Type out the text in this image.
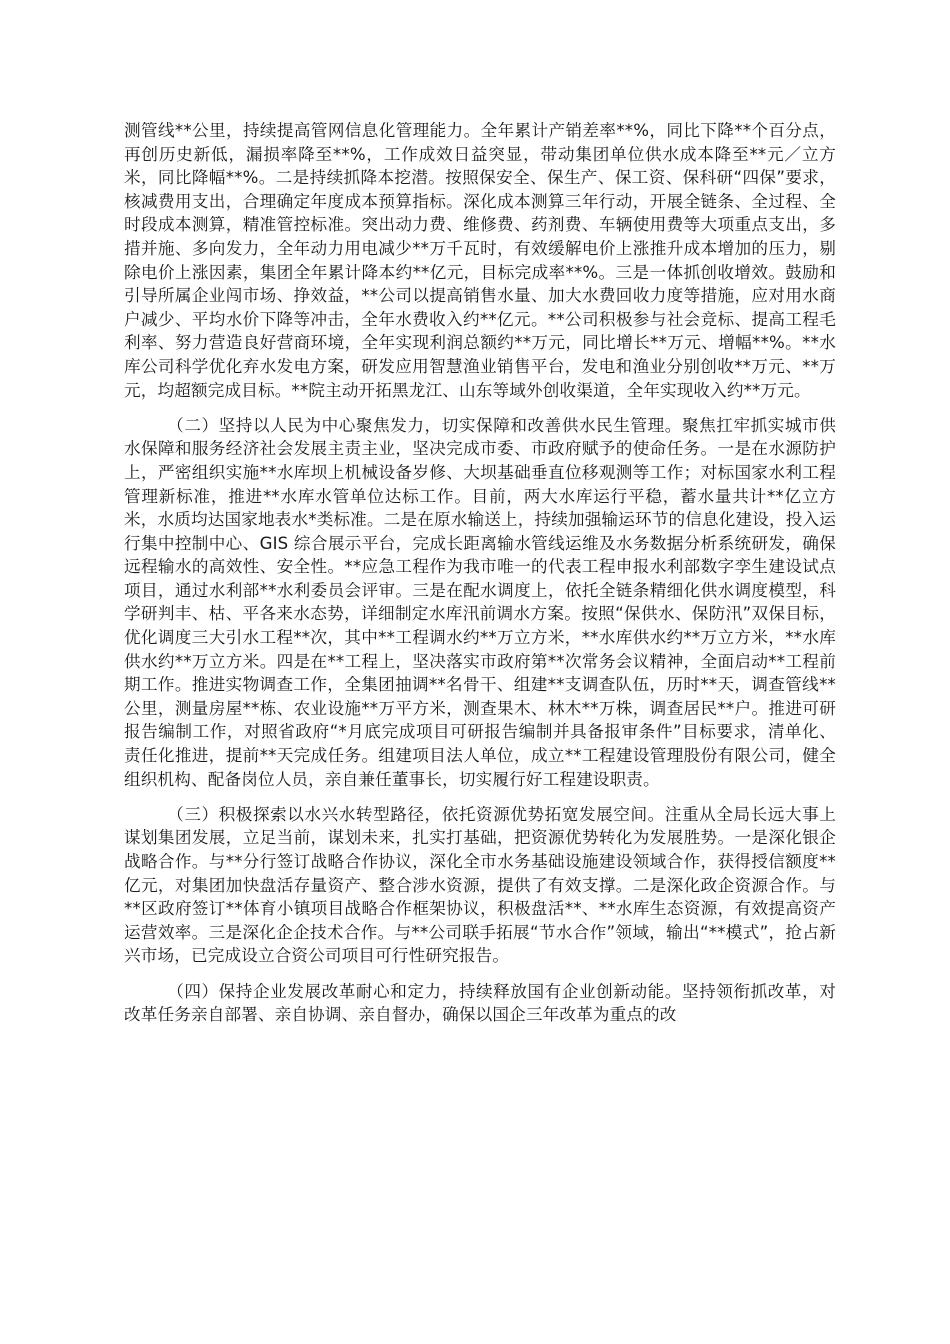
测管线**公里，持续提高管网信息化管理能力。全年累计产销差率**%，同比下降**个百分点，再创历史新低，漏损率降至**%，工作成效日益突显，带动集团单位供水成本降至**元／立方米，同比降幅**%。二是持续抓降本挖潜。按照保安全、保生产、保工资、保科研“四保”要求，核减费用支出，合理确定年度成本预算指标。深化成本测算三年行动，开展全链条、全过程、全时段成本测算，精准管控标准。突出动力费、维修费、药剂费、车辆使用费等大项重点支出，多措并施、多向发力，全年动力用电减少**万千瓦时，有效缓解电价上涨推升成本增加的压力，剔除电价上涨因素，集团全年累计降本约**亿元，目标完成率**%。三是一体抓创收增效。鼓励和引导所属企业闯市场、挣效益，**公司以提高销售水量、加大水费回收力度等措施，应对用水商户减少、平均水价下降等冲击，全年水费收入约**亿元。**公司积极参与社会竞标、提高工程毛利率、努力营造良好营商环境，全年实现利润总额约**万元，同比增长**万元、增幅**%。**水库公司科学优化弃水发电方案，研发应用智慧渔业销售平台，发电和渔业分别创收**万元、**万元，均超额完成目标。**院主动开拓黑龙江、山东等域外创收渠道，全年实现收入约**万元。

（二）坚持以人民为中心聚焦发力，切实保障和改善供水民生管理。聚焦扛牢抓实城市供水保障和服务经济社会发展主责主业，坚决完成市委、市政府赋予的使命任务。一是在水源防护上，严密组织实施**水库坝上机械设备岁修、大坝基础垂直位移观测等工作；对标国家水利工程管理新标准，推进**水库水管单位达标工作。目前，两大水库运行平稳，蓄水量共计**亿立方米，水质均达国家地表水*类标准。二是在原水输送上，持续加强输运环节的信息化建设，投入运行集中控制中心、GIS 综合展示平台，完成长距离输水管线运维及水务数据分析系统研发，确保远程输水的高效性、安全性。**应急工程作为我市唯一的代表工程申报水利部数字孪生建设试点项目，通过水利部**水利委员会评审。三是在配水调度上，依托全链条精细化供水调度模型，科学研判丰、枯、平各来水态势，详细制定水库汛前调水方案。按照“保供水、保防汛”双保目标，优化调度三大引水工程**次，其中**工程调水约**万立方米，**水库供水约**万立方米，**水库供水约**万立方米。四是在**工程上，坚决落实市政府第**次常务会议精神，全面启动**工程前期工作。推进实物调查工作，全集团抽调**名骨干、组建**支调查队伍，历时**天，调查管线**公里，测量房屋**栋、农业设施**万平方米，测查果木、林木**万株，调查居民**户。推进可研报告编制工作，对照省政府“*月底完成项目可研报告编制并具备报审条件”目标要求，清单化、责任化推进，提前**天完成任务。组建项目法人单位，成立**工程建设管理股份有限公司，健全组织机构、配备岗位人员，亲自兼任董事长，切实履行好工程建设职责。

（三）积极探索以水兴水转型路径，依托资源优势拓宽发展空间。注重从全局长远大事上谋划集团发展，立足当前，谋划未来，扎实打基础，把资源优势转化为发展胜势。一是深化银企战略合作。与**分行签订战略合作协议，深化全市水务基础设施建设领域合作，获得授信额度**亿元，对集团加快盘活存量资产、整合涉水资源，提供了有效支撑。二是深化政企资源合作。与**区政府签订**体育小镇项目战略合作框架协议，积极盘活**、**水库生态资源，有效提高资产运营效率。三是深化企企技术合作。与**公司联手拓展“节水合作”领域，输出“**模式”，抢占新兴市场，已完成设立合资公司项目可行性研究报告。

（四）保持企业发展改革耐心和定力，持续释放国有企业创新动能。坚持领衔抓改革，对改革任务亲自部署、亲自协调、亲自督办，确保以国企三年改革为重点的改
